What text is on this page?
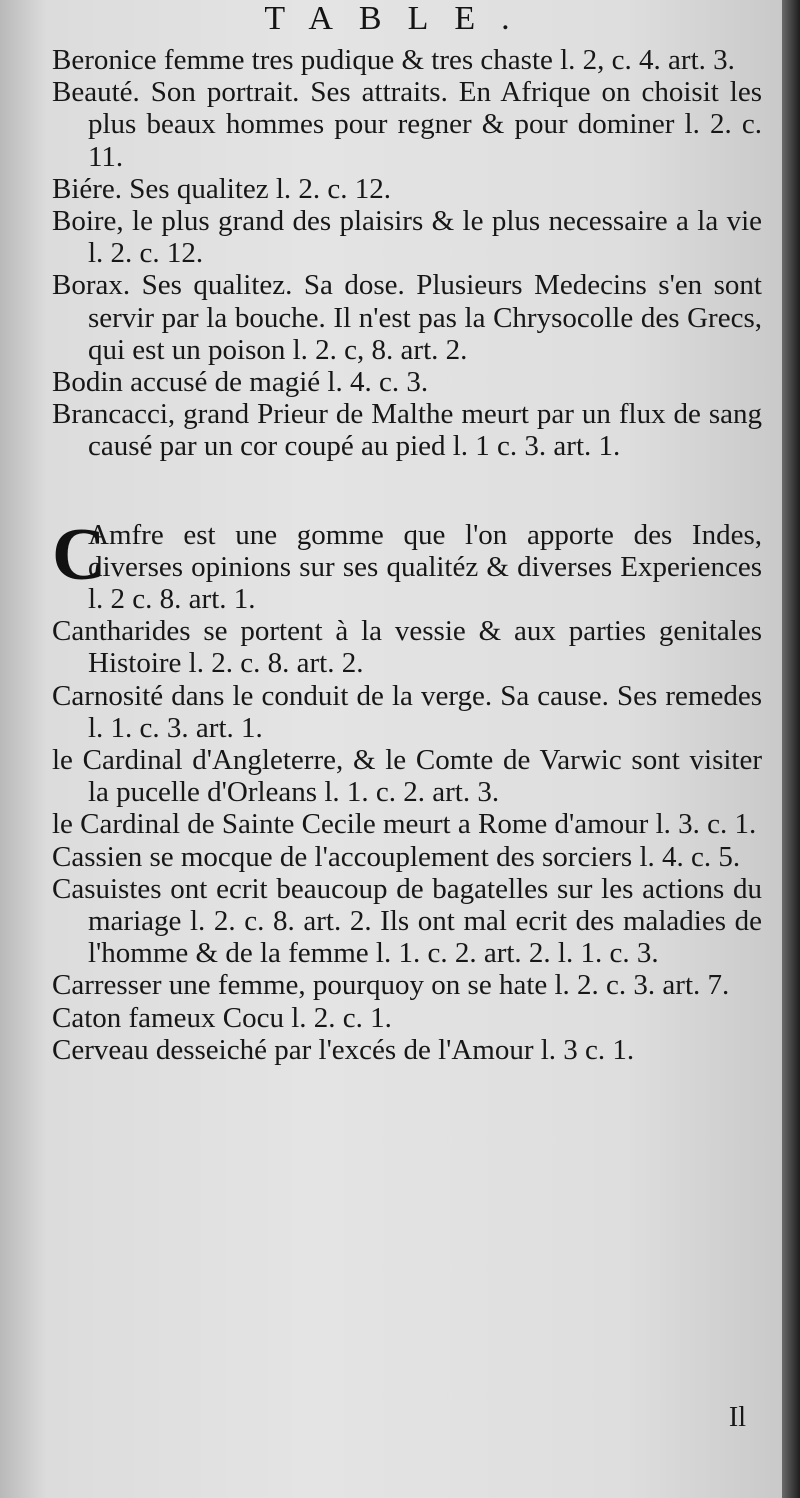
TABLE.
Beronice femme tres pudique & tres chaste l. 2, c. 4. art. 3.
Beauté. Son portrait. Ses attraits. En Afrique on choisit les plus beaux hommes pour regner & pour dominer l. 2. c. 11.
Biére. Ses qualitez l. 2. c. 12.
Boire, le plus grand des plaisirs & le plus necessaire a la vie l. 2. c. 12.
Borax. Ses qualitez. Sa dose. Plusieurs Medecins s'en sont servir par la bouche. Il n'est pas la Chrysocolle des Grecs, qui est un poison l. 2. c, 8. art. 2.
Bodin accusé de magié l. 4. c. 3.
Brancacci, grand Prieur de Malthe meurt par un flux de sang causé par un cor coupé au pied l. 1 c. 3. art. 1.
C
Amfre est une gomme que l'on apporte des Indes, diverses opinions sur ses qualitéz & diverses Experiences l. 2 c. 8. art. 1.
Cantharides se portent à la vessie & aux parties genitales Histoire l. 2. c. 8. art. 2.
Carnosité dans le conduit de la verge. Sa cause. Ses remedes l. 1. c. 3. art. 1.
le Cardinal d'Angleterre, & le Comte de Varwic sont visiter la pucelle d'Orleans l. 1. c. 2. art. 3.
le Cardinal de Sainte Cecile meurt a Rome d'amour l. 3. c. 1.
Cassien se mocque de l'accouplement des sorciers l. 4. c. 5.
Casuistes ont ecrit beaucoup de bagatelles sur les actions du mariage l. 2. c. 8. art. 2. Ils ont mal ecrit des maladies de l'homme & de la femme l. 1. c. 2. art. 2. l. 1. c. 3.
Carresser une femme, pourquoy on se hate l. 2. c. 3. art. 7.
Caton fameux Cocu l. 2. c. 1.
Cerveau desseiché par l'excés de l'Amour l. 3 c. 1.
Il
